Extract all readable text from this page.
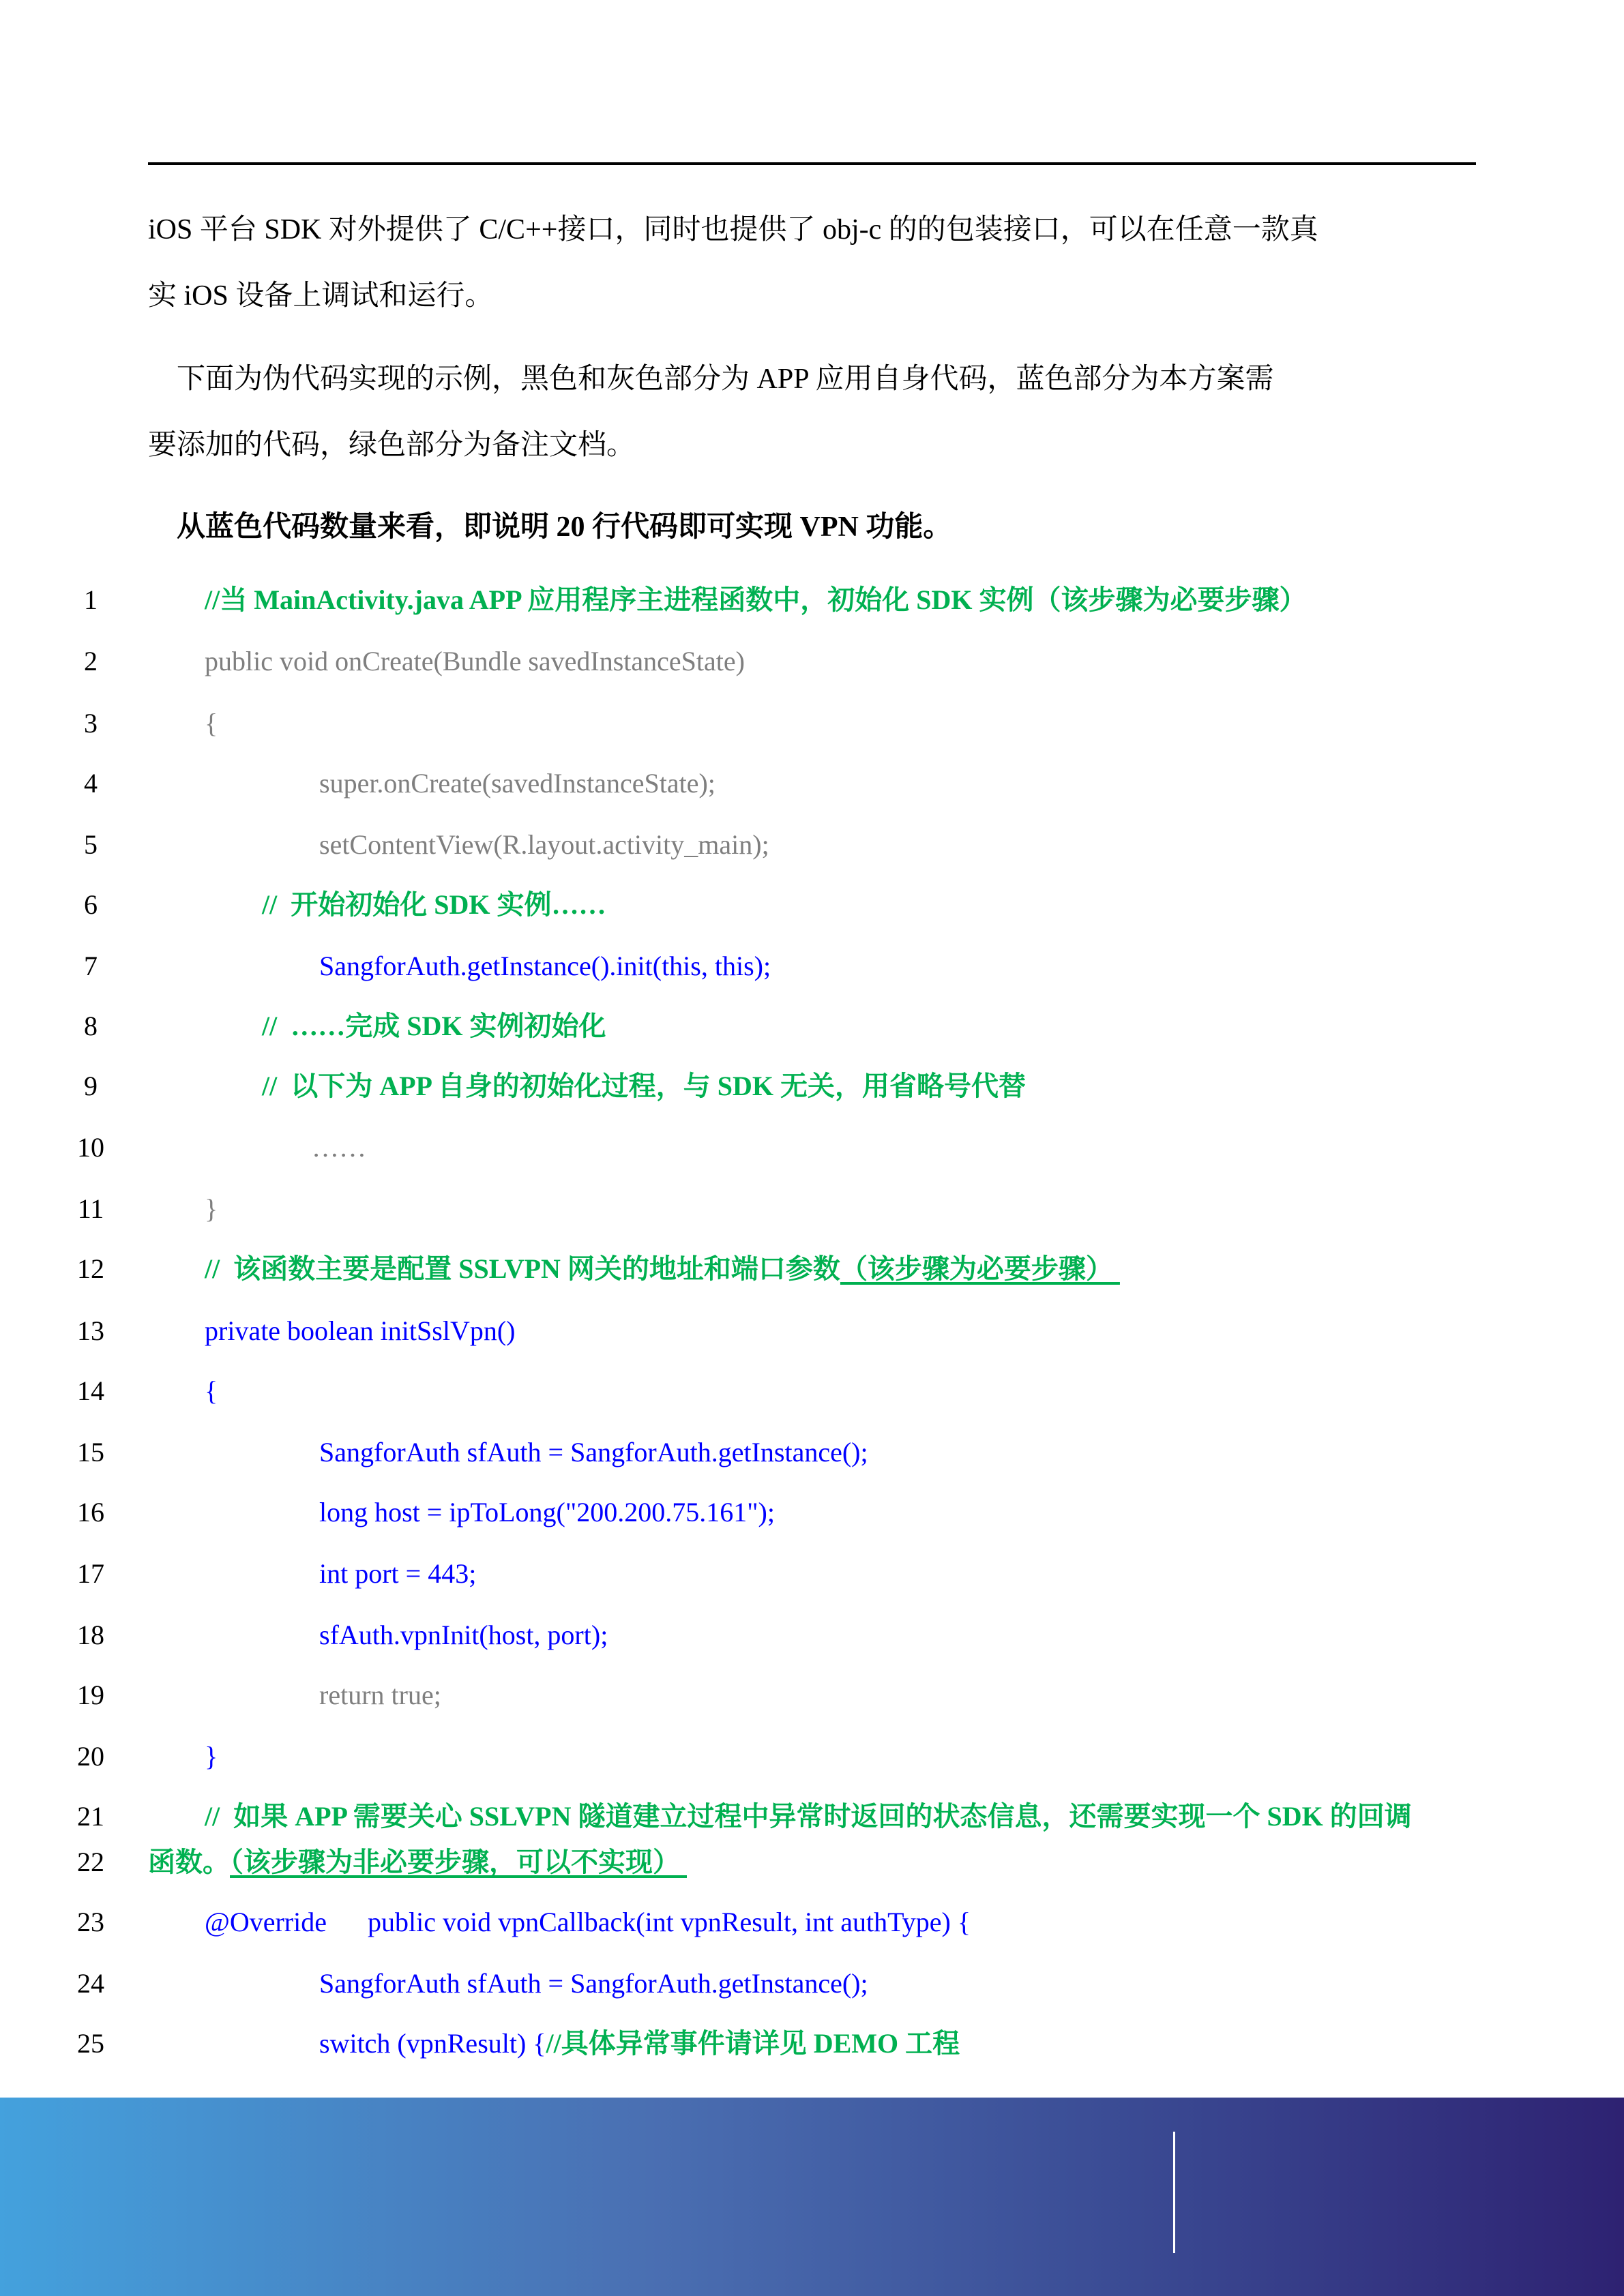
iOS 平台 SDK 对外提供了 C/C++接口，同时也提供了 obj-c 的的包装接口，可以在任意一款真
实 iOS 设备上调试和运行。
下面为伪代码实现的示例，黑色和灰色部分为 APP 应用自身代码，蓝色部分为本方案需
要添加的代码，绿色部分为备注文档。
从蓝色代码数量来看，即说明 20 行代码即可实现 VPN 功能。
1	//当 MainActivity.java APP 应用程序主进程函数中，初始化 SDK 实例（该步骤为必要步骤）
2	public void onCreate(Bundle savedInstanceState)
3	{
4	super.onCreate(savedInstanceState);
5	setContentView(R.layout.activity_main);
6	//  开始初始化 SDK 实例……
7	SangforAuth.getInstance().init(this, this);
8	//  ……完成 SDK 实例初始化
9	//  以下为 APP 自身的初始化过程，与 SDK 无关，用省略号代替
10	……
11	}
12	//  该函数主要是配置 SSLVPN 网关的地址和端口参数（该步骤为必要步骤）
13	private boolean initSslVpn()
14	{
15	SangforAuth sfAuth = SangforAuth.getInstance();
16	long host = ipToLong("200.200.75.161");
17	int port = 443;
18	sfAuth.vpnInit(host, port);
19	return true;
20	}
21	//  如果 APP 需要关心 SSLVPN 隧道建立过程中异常时返回的状态信息，还需要实现一个 SDK 的回调
22	函数。（该步骤为非必要步骤，可以不实现）
23	@Override      public void vpnCallback(int vpnResult, int authType) {
24	SangforAuth sfAuth = SangforAuth.getInstance();
25	switch (vpnResult) {//具体异常事件请详见 DEMO 工程
